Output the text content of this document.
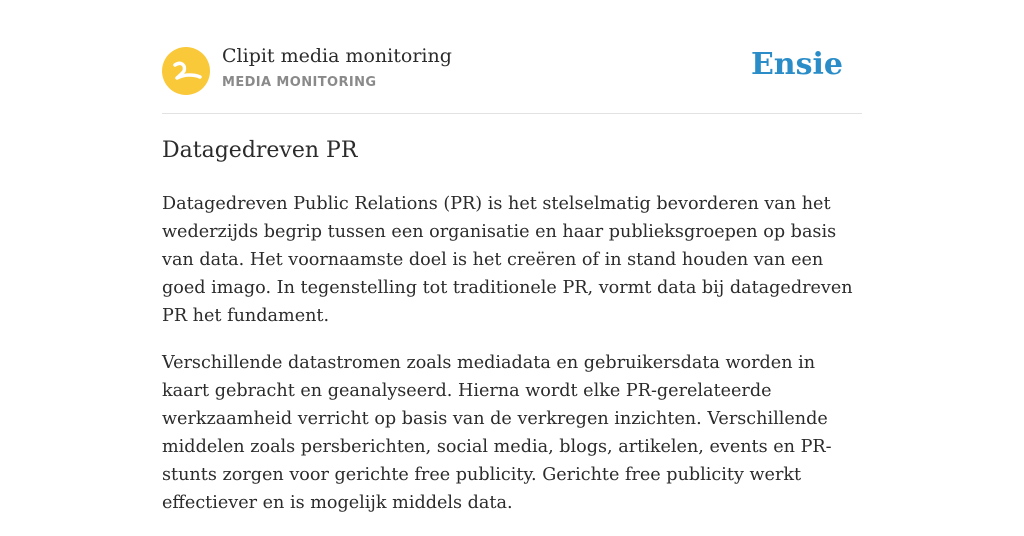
Clipit media monitoring
MEDIA MONITORING
Ensie
Datagedreven PR

Datagedreven Public Relations (PR) is het stelselmatig bevorderen van het wederzijds begrip tussen een organisatie en haar publieksgroepen op basis van data. Het voornaamste doel is het creëren of in stand houden van een goed imago. In tegenstelling tot traditionele PR, vormt data bij datagedreven PR het fundament.

Verschillende datastromen zoals mediadata en gebruikersdata worden in kaart gebracht en geanalyseerd. Hierna wordt elke PR-gerelateerde werkzaamheid verricht op basis van de verkregen inzichten. Verschillende middelen zoals persberichten, social media, blogs, artikelen, events en PR-stunts zorgen voor gerichte free publicity. Gerichte free publicity werkt effectiever en is mogelijk middels data.
